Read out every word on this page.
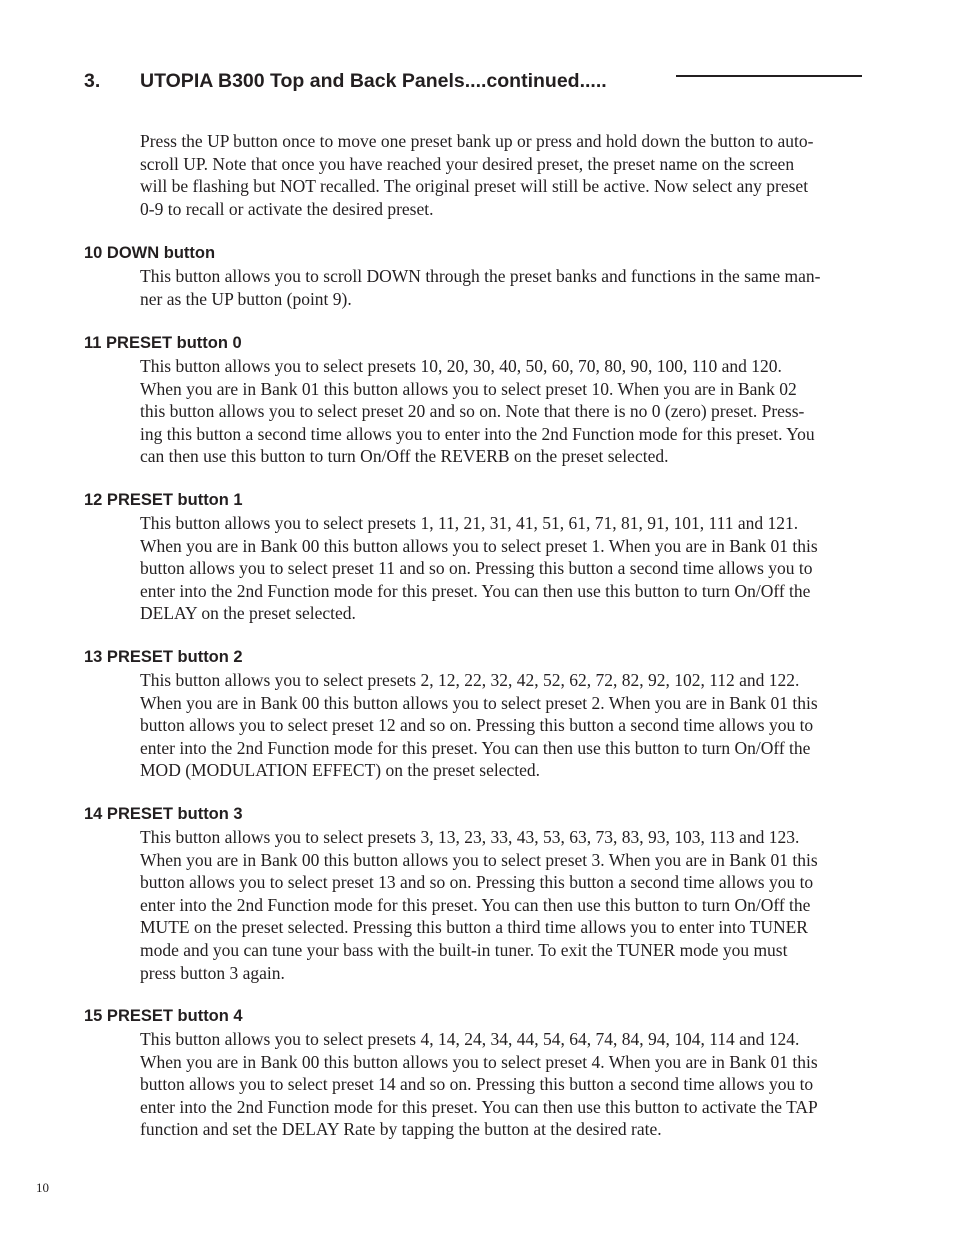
3. UTOPIA B300 Top and Back Panels....continued.....
Press the UP button once to move one preset bank up or press and hold down the button to auto-
scroll UP. Note that once you have reached your desired preset, the preset name on the screen
will be flashing but NOT recalled. The original preset will still be active. Now select any preset
0-9 to recall or activate the desired preset.
10 DOWN button
This button allows you to scroll DOWN through the preset banks and functions in the same man-
ner as the UP button (point 9).
11 PRESET button 0
This button allows you to select presets 10, 20, 30, 40, 50, 60, 70, 80, 90, 100, 110 and 120.
When you are in Bank 01 this button allows you to select preset 10. When you are in Bank 02
this button allows you to select preset 20 and so on. Note that there is no 0 (zero) preset. Press-
ing this button a second time allows you to enter into the 2nd Function mode for this preset. You
can then use this button to turn On/Off the REVERB on the preset selected.
12 PRESET button 1
This button allows you to select presets 1, 11, 21, 31, 41, 51, 61, 71, 81, 91, 101, 111 and 121.
When you are in Bank 00 this button allows you to select preset 1. When you are in Bank 01 this
button allows you to select preset 11 and so on. Pressing this button a second time allows you to
enter into the 2nd Function mode for this preset. You can then use this button to turn On/Off the
DELAY on the preset selected.
13 PRESET button 2
This button allows you to select presets 2, 12, 22, 32, 42, 52, 62, 72, 82, 92, 102, 112 and 122.
When you are in Bank 00 this button allows you to select preset 2. When you are in Bank 01 this
button allows you to select preset 12 and so on. Pressing this button a second time allows you to
enter into the 2nd Function mode for this preset. You can then use this button to turn On/Off the
MOD (MODULATION EFFECT) on the preset selected.
14 PRESET button 3
This button allows you to select presets 3, 13, 23, 33, 43, 53, 63, 73, 83, 93, 103, 113 and 123.
When you are in Bank 00 this button allows you to select preset 3. When you are in Bank 01 this
button allows you to select preset 13 and so on. Pressing this button a second time allows you to
enter into the 2nd Function mode for this preset. You can then use this button to turn On/Off the
MUTE on the preset selected. Pressing this button a third time allows you to enter into TUNER
mode and you can tune your bass with the built-in tuner. To exit the TUNER mode you must
press button 3 again.
15 PRESET button 4
This button allows you to select presets 4, 14, 24, 34, 44, 54, 64, 74, 84, 94, 104, 114 and 124.
When you are in Bank 00 this button allows you to select preset 4. When you are in Bank 01 this
button allows you to select preset 14 and so on. Pressing this button a second time allows you to
enter into the 2nd Function mode for this preset. You can then use this button to activate the TAP
function and set the DELAY Rate by tapping the button at the desired rate.
10
